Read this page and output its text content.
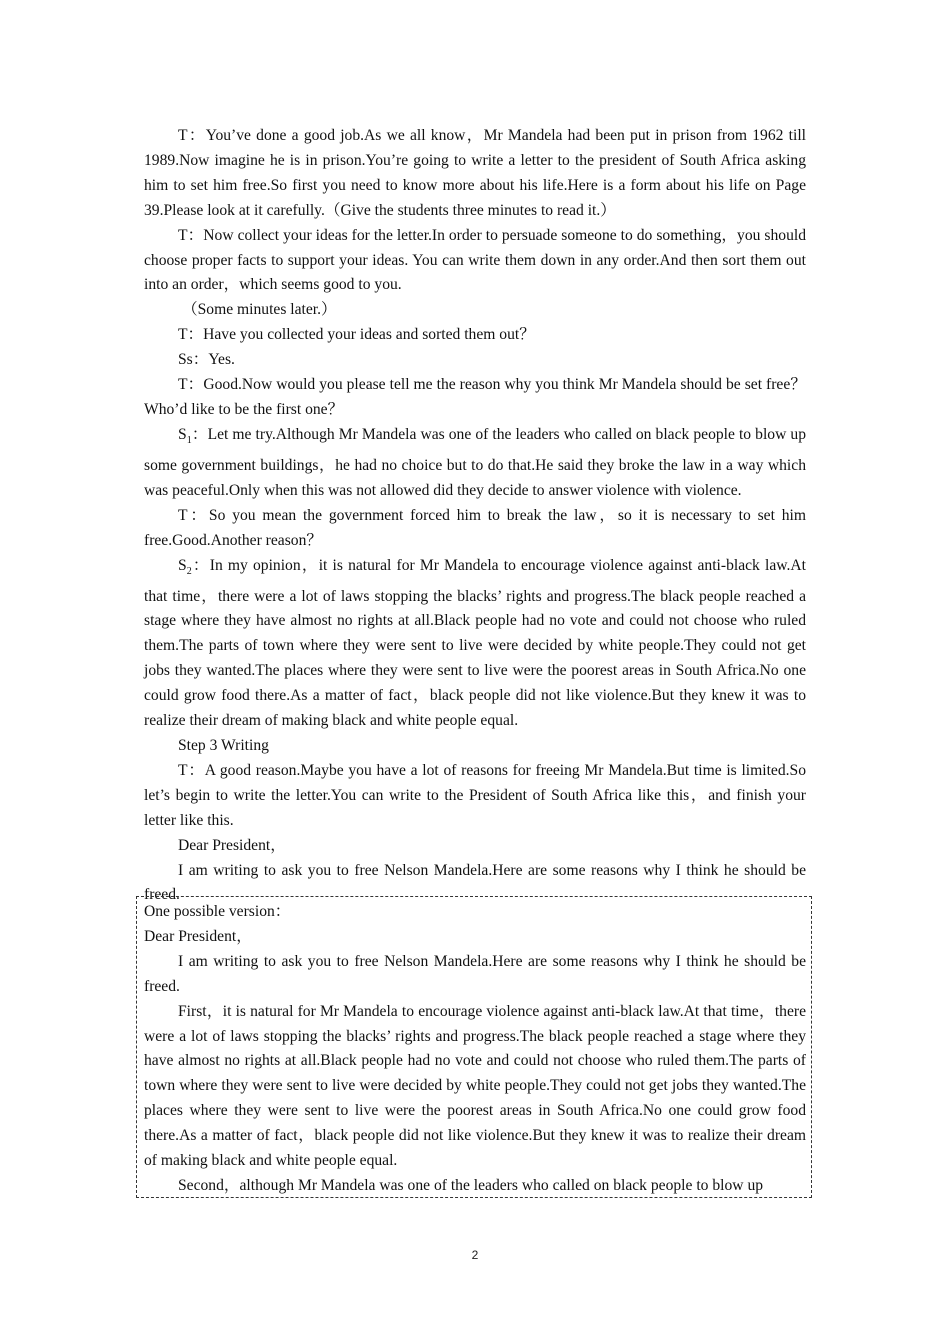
T：You’ve done a good job.As we all know，Mr Mandela had been put in prison from 1962 till 1989.Now imagine he is in prison.You’re going to write a letter to the president of South Africa asking him to set him free.So first you need to know more about his life.Here is a form about his life on Page 39.Please look at it carefully.（Give the students three minutes to read it.）

T：Now collect your ideas for the letter.In order to persuade someone to do something，you should choose proper facts to support your ideas. You can write them down in any order.And then sort them out into an order，which seems good to you.

（Some minutes later.）

T：Have you collected your ideas and sorted them out？

Ss：Yes.

T：Good.Now would you please tell me the reason why you think Mr Mandela should be set free？Who’d like to be the first one？

$S_1$：Let me try.Although Mr Mandela was one of the leaders who called on black people to blow up some government buildings，he had no choice but to do that.He said they broke the law in a way which was peaceful.Only when this was not allowed did they decide to answer violence with violence.

T：So you mean the government forced him to break the law，so it is necessary to set him free.Good.Another reason？

$S_2$：In my opinion，it is natural for Mr Mandela to encourage violence against anti-black law.At that time，there were a lot of laws stopping the blacks’ rights and progress.The black people reached a stage where they have almost no rights at all.Black people had no vote and could not choose who ruled them.The parts of town where they were sent to live were decided by white people.They could not get jobs they wanted.The places where they were sent to live were the poorest areas in South Africa.No one could grow food there.As a matter of fact，black people did not like violence.But they knew it was to realize their dream of making black and white people equal.

Step 3 Writing

T：A good reason.Maybe you have a lot of reasons for freeing Mr Mandela.But time is limited.So let’s begin to write the letter.You can write to the President of South Africa like this，and finish your letter like this.

Dear President，

I am writing to ask you to free Nelson Mandela.Here are some reasons why I think he should be freed.

One possible version：

Dear President，

I am writing to ask you to free Nelson Mandela.Here are some reasons why I think he should be freed.

First，it is natural for Mr Mandela to encourage violence against anti-black law.At that time，there were a lot of laws stopping the blacks’ rights and progress.The black people reached a stage where they have almost no rights at all.Black people had no vote and could not choose who ruled them.The parts of town where they were sent to live were decided by white people.They could not get jobs they wanted.The places where they were sent to live were the poorest areas in South Africa.No one could grow food there.As a matter of fact，black people did not like violence.But they knew it was to realize their dream of making black and white people equal.

Second，although Mr Mandela was one of the leaders who called on black people to blow up

2
